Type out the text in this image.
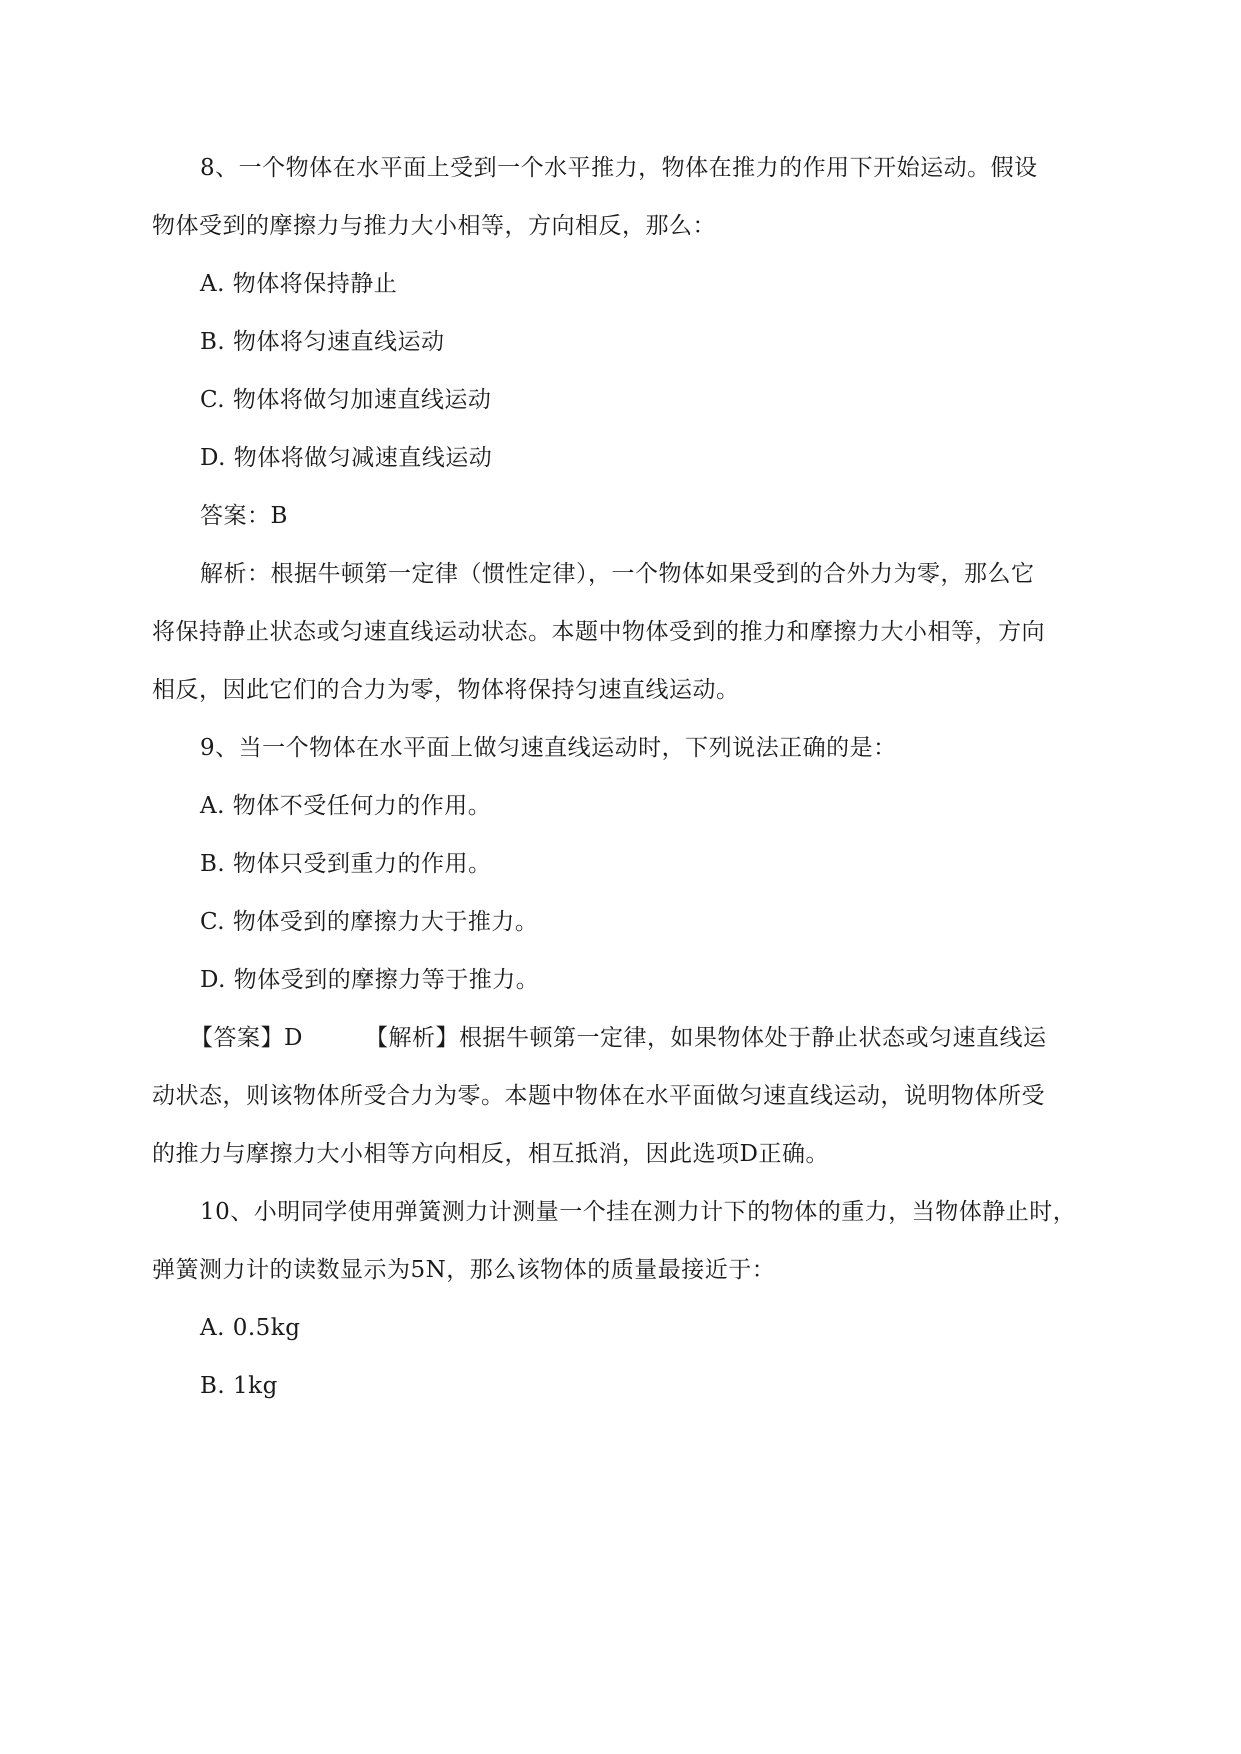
8、一个物体在水平面上受到一个水平推力，物体在推力的作用下开始运动。假设
物体受到的摩擦力与推力大小相等，方向相反，那么：
A. 物体将保持静止
B. 物体将匀速直线运动
C. 物体将做匀加速直线运动
D. 物体将做匀减速直线运动
答案：B
解析：根据牛顿第一定律（惯性定律），一个物体如果受到的合外力为零，那么它
将保持静止状态或匀速直线运动状态。本题中物体受到的推力和摩擦力大小相等，方向
相反，因此它们的合力为零，物体将保持匀速直线运动。
9、当一个物体在水平面上做匀速直线运动时，下列说法正确的是：
A. 物体不受任何力的作用。
B. 物体只受到重力的作用。
C. 物体受到的摩擦力大于推力。
D. 物体受到的摩擦力等于推力。
【答案】D	【解析】根据牛顿第一定律，如果物体处于静止状态或匀速直线运
动状态，则该物体所受合力为零。本题中物体在水平面做匀速直线运动，说明物体所受
的推力与摩擦力大小相等方向相反，相互抵消，因此选项D正确。
10、小明同学使用弹簧测力计测量一个挂在测力计下的物体的重力，当物体静止时，
弹簧测力计的读数显示为5N，那么该物体的质量最接近于：
A. 0.5kg
B. 1kg
